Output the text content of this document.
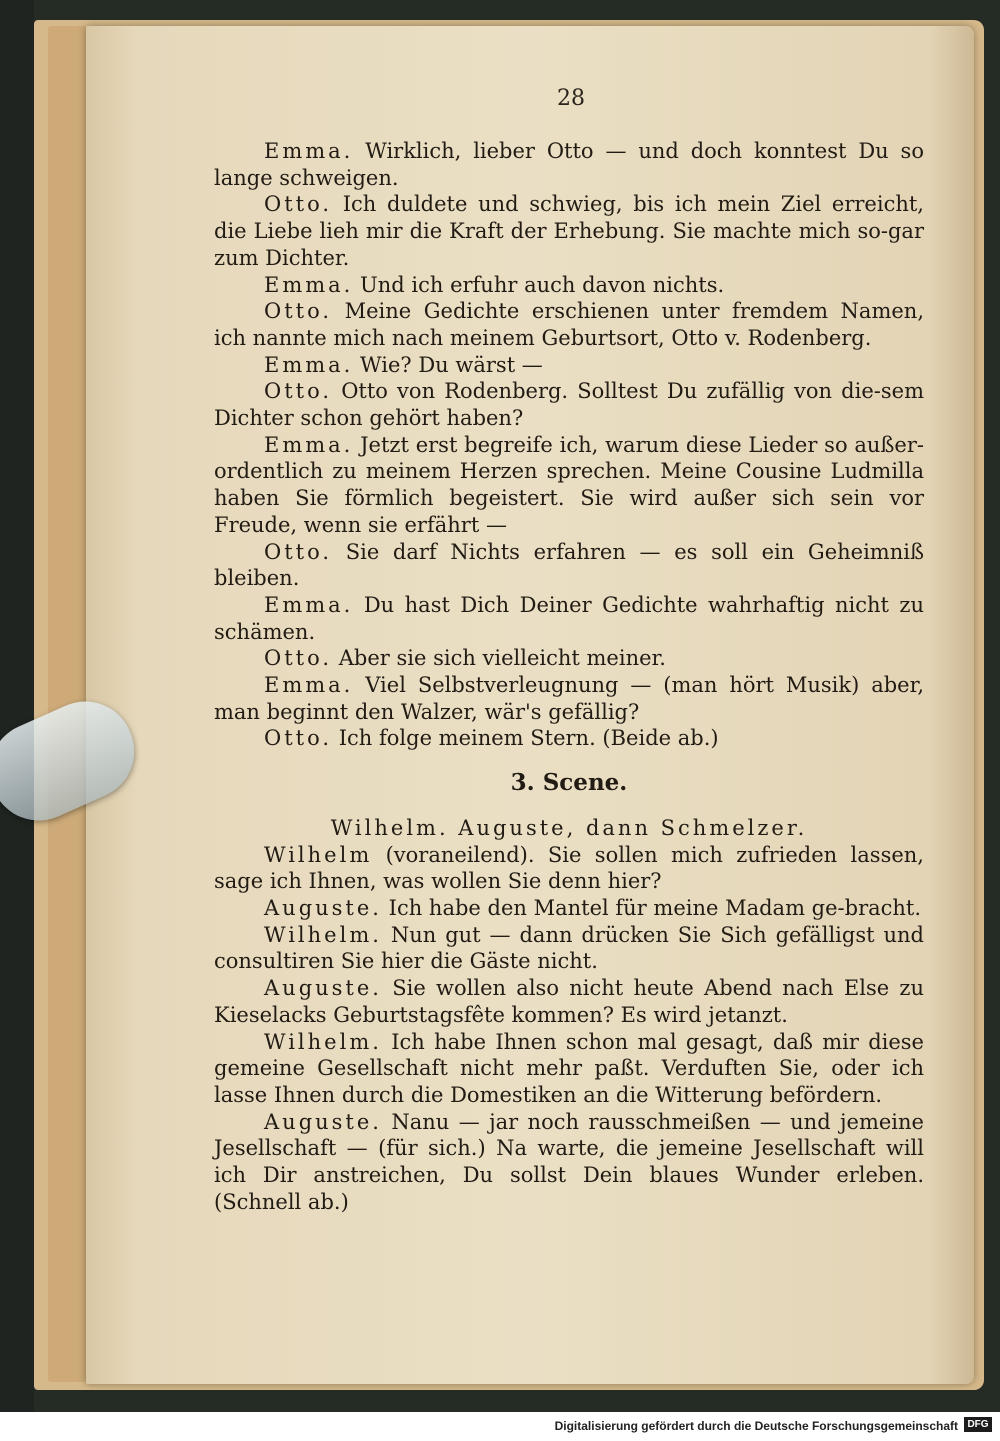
28

Emma. Wirklich, lieber Otto — und doch konntest Du so lange schweigen.

Otto. Ich duldete und schwieg, bis ich mein Ziel erreicht, die Liebe lieh mir die Kraft der Erhebung. Sie machte mich so-gar zum Dichter.

Emma. Und ich erfuhr auch davon nichts.

Otto. Meine Gedichte erschienen unter fremdem Namen, ich nannte mich nach meinem Geburtsort, Otto v. Rodenberg.

Emma. Wie? Du wärst —

Otto. Otto von Rodenberg. Solltest Du zufällig von die-sem Dichter schon gehört haben?

Emma. Jetzt erst begreife ich, warum diese Lieder so außer-ordentlich zu meinem Herzen sprechen. Meine Cousine Ludmilla haben Sie förmlich begeistert. Sie wird außer sich sein vor Freude, wenn sie erfährt —

Otto. Sie darf Nichts erfahren — es soll ein Geheimniß bleiben.

Emma. Du hast Dich Deiner Gedichte wahrhaftig nicht zu schämen.

Otto. Aber sie sich vielleicht meiner.

Emma. Viel Selbstverleugnung — (man hört Musik) aber, man beginnt den Walzer, wär's gefällig?

Otto. Ich folge meinem Stern. (Beide ab.)

3. Scene.

Wilhelm. Auguste, dann Schmelzer.

Wilhelm (voraneilend). Sie sollen mich zufrieden lassen, sage ich Ihnen, was wollen Sie denn hier?

Auguste. Ich habe den Mantel für meine Madam ge-bracht.

Wilhelm. Nun gut — dann drücken Sie Sich gefälligst und consultiren Sie hier die Gäste nicht.

Auguste. Sie wollen also nicht heute Abend nach Else zu Kieselacks Geburtstagsfête kommen? Es wird jetanzt.

Wilhelm. Ich habe Ihnen schon mal gesagt, daß mir diese gemeine Gesellschaft nicht mehr paßt. Verduften Sie, oder ich lasse Ihnen durch die Domestiken an die Witterung befördern.

Auguste. Nanu — jar noch rausschmeißen — und jemeine Jesellschaft — (für sich.) Na warte, die jemeine Jesellschaft will ich Dir anstreichen, Du sollst Dein blaues Wunder erleben. (Schnell ab.)

Digitalisierung gefördert durch die Deutsche Forschungsgemeinschaft DFG
